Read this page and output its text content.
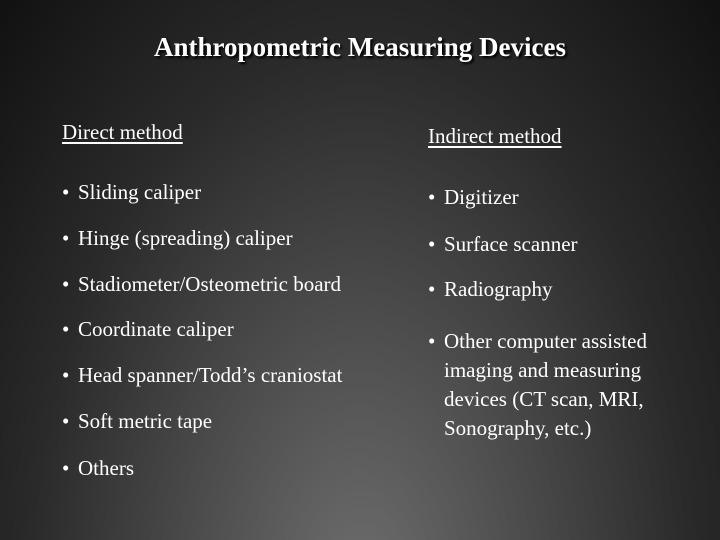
Anthropometric Measuring Devices
Direct method
• Sliding caliper
• Hinge (spreading) caliper
• Stadiometer/Osteometric board
• Coordinate caliper
• Head spanner/Todd’s craniostat
• Soft metric tape
• Others
Indirect method
• Digitizer
• Surface scanner
• Radiography
• Other computer assisted
imaging and measuring
devices (CT scan, MRI,
Sonography, etc.)
